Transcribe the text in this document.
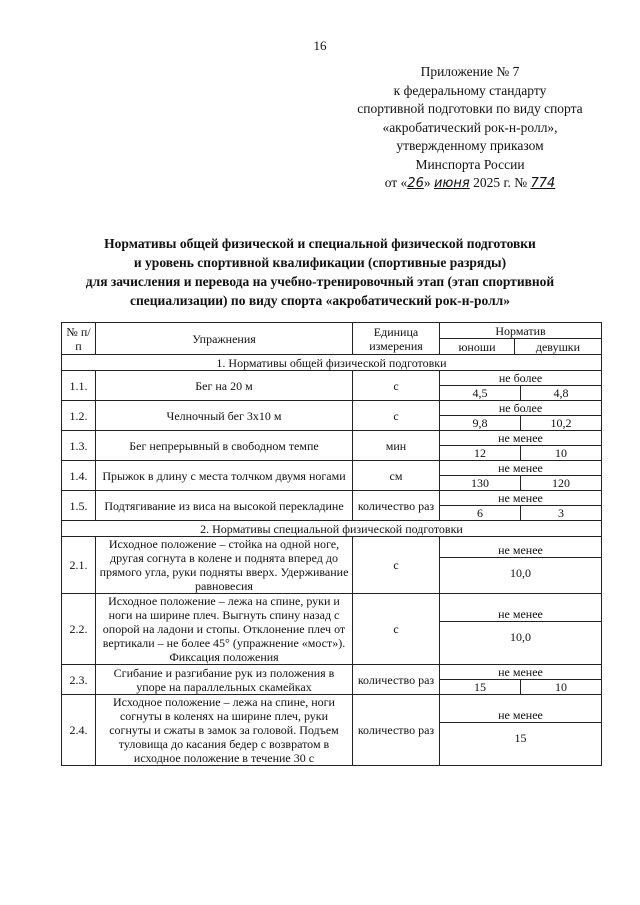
16
Приложение № 7
к федеральному стандарту
спортивной подготовки по виду спорта
«акробатический рок-н-ролл»,
утвержденному приказом
Минспорта России
от «26» июня 2025 г. № 774
Нормативы общей физической и специальной физической подготовки
и уровень спортивной квалификации (спортивные разряды)
для зачисления и перевода на учебно-тренировочный этап (этап спортивной
специализации) по виду спорта «акробатический рок-н-ролл»
№ п/п	Упражнения	Единица измерения	Норматив	
			юноши	девушки
1. Нормативы общей физической подготовки				
1.1.	Бег на 20 м	с	не более
4,5 4,8	

1.2.	Челночный бег 3x10 м	с	не более
9,8 10,2	

1.3.	Бег непрерывный в свободном темпе	мин	не менее
12 10	

1.4.	Прыжок в длину с места толчком двумя ногами	см	не менее
130 120	

1.5.	Подтягивание из виса на высокой перекладине	количество раз	не менее
6 3	

2. Нормативы специальной физической подготовки				
2.1.	Исходное положение – стойка на одной ноге, другая согнута в колене и поднята вперед до прямого угла, руки подняты вверх. Удерживание равновесия	с	не менее
10,0	

2.2.	Исходное положение – лежа на спине, руки и ноги на ширине плеч. Выгнуть спину назад с опорой на ладони и стопы. Отклонение плеч от вертикали – не более 45° (упражнение «мост»). Фиксация положения	с	не менее
10,0	

2.3.	Сгибание и разгибание рук из положения в упоре на параллельных скамейках	количество раз	не менее
15 10	

2.4.	Исходное положение – лежа на спине, ноги согнуты в коленях на ширине плеч, руки согнуты и сжаты в замок за головой. Подъем туловища до касания бедер с возвратом в исходное положение в течение 30 с	количество раз	не менее
15	
